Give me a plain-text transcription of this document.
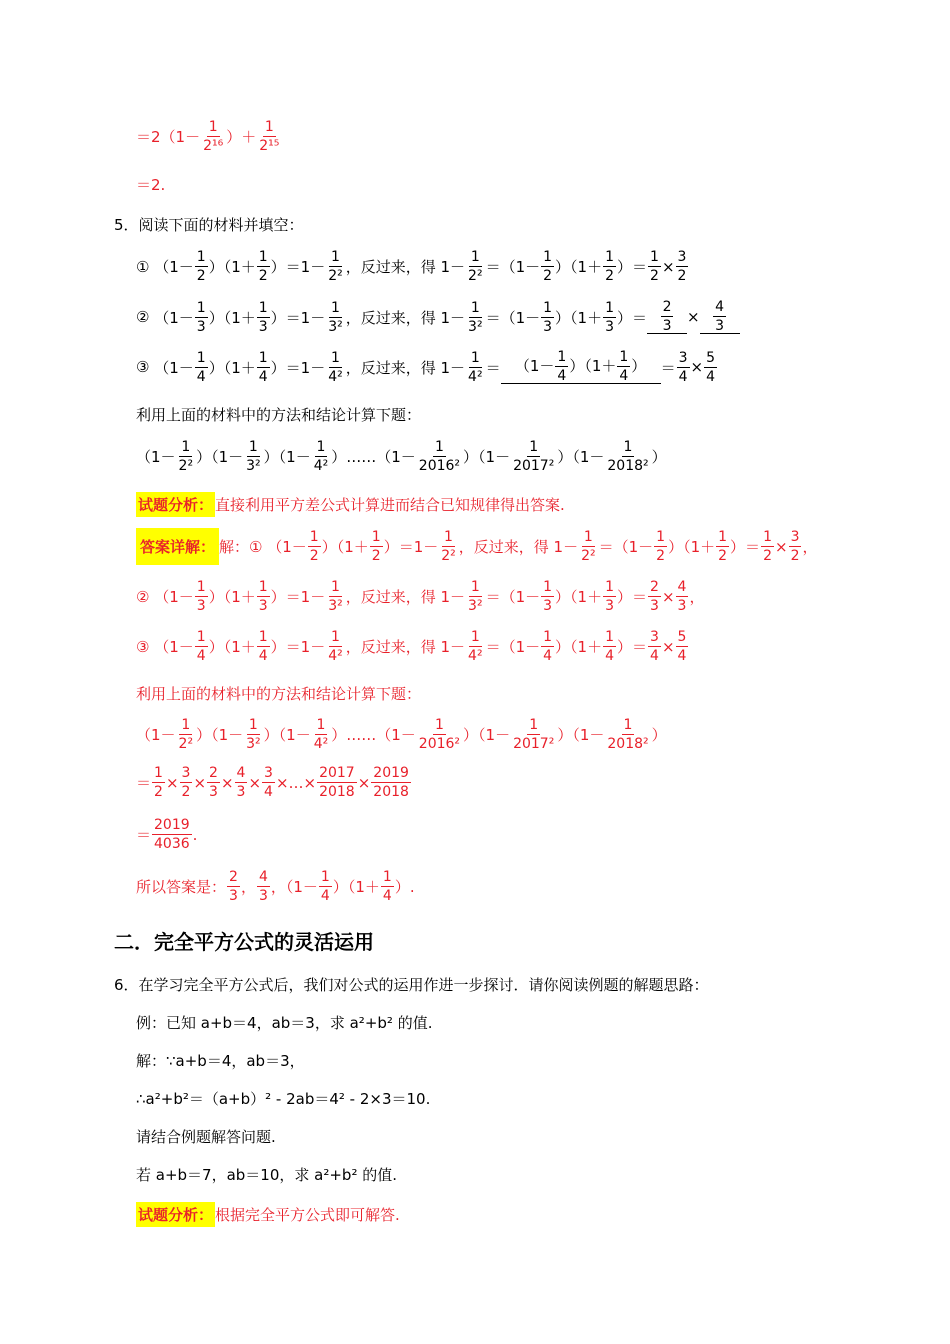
$=2(1- \frac{1}{\text{2¹⁶}}$ ）＋ $\frac{1}{\text{2¹⁵}}$
＝2.
5．阅读下面的材料并填空：
① $(1- \frac{1}{2} )(1+ \frac{1}{2} )=1- \frac{1}{\text{2²}}$ ，反过来，得 $1- \frac{1}{\text{2²}} =(1- \frac{1}{2} )(1+ \frac{1}{2}$ ）＝ $\frac{1}{2} \times \frac{3}{2}$
② $(1- \frac{1}{3} )(1+ \frac{1}{3} )=1- \frac{1}{\text{3²}}$ ，反过来，得 $1- \frac{1}{\text{3²}} =(1- \frac{1}{3} )(1+ \frac{1}{3}$ ）＝ $\frac{2}{3} \times \frac{4}{3}$
③ $(1- \frac{1}{4} )(1+ \frac{1}{4} )=1- \frac{1}{\text{4²}}$ ，反过来，得 $1- \frac{1}{\text{4²}} = (1- \frac{1}{4} )(1+ \frac{1}{4}$ ） ＝ $\frac{3}{4} \times \frac{5}{4}$
利用上面的材料中的方法和结论计算下题：
$(1- \frac{1}{\text{2²}} )(1- \frac{1}{\text{3²}} )(1- \frac{1}{\text{4²}}$ ）……（1－ $\frac{1}{\text{2016²}} )(1- \frac{1}{\text{2017²}} )(1- \frac{1}{\text{2018²}}$ ）
试题分析： 直接利用平方差公式计算进而结合已知规律得出答案.
答案详解： 解： ① $(1- \frac{1}{2} )(1+ \frac{1}{2} )=1- \frac{1}{\text{2²}}$ ，反过来，得 $1- \frac{1}{\text{2²}} =(1- \frac{1}{2} )(1+ \frac{1}{2}$ ）＝ $\frac{1}{2} \times \frac{3}{2}$ ，
② $(1- \frac{1}{3} )(1+ \frac{1}{3} )=1- \frac{1}{\text{3²}}$ ，反过来，得 $1- \frac{1}{\text{3²}} =(1- \frac{1}{3} )(1+ \frac{1}{3}$ ）＝ $\frac{2}{3} \times \frac{4}{3}$ ，
③ $(1- \frac{1}{4} )(1+ \frac{1}{4} )=1- \frac{1}{\text{4²}}$ ，反过来，得 $1- \frac{1}{\text{4²}} =(1- \frac{1}{4} )(1+ \frac{1}{4}$ ）＝ $\frac{3}{4} \times \frac{5}{4}$
利用上面的材料中的方法和结论计算下题：
$(1- \frac{1}{\text{2²}} )(1- \frac{1}{\text{3²}} )(1- \frac{1}{\text{4²}}$ ）……（1－ $\frac{1}{\text{2016²}} )(1- \frac{1}{\text{2017²}} )(1- \frac{1}{\text{2018²}}$ ）
＝ $\frac{1}{2} \times \frac{3}{2} \times \frac{2}{3} \times \frac{4}{3} \times \frac{3}{4}$ ×…× $\frac{2017}{2018} \times \frac{2019}{2018}$
＝ $\frac{2019}{4036}$ .
所以答案是： $\frac{2}{3}$ ， $\frac{4}{3}$ ，$(1- \frac{1}{4} )(1+ \frac{1}{4}$ ）.
二．完全平方公式的灵活运用
6．在学习完全平方公式后，我们对公式的运用作进一步探讨．请你阅读例题的解题思路：
例：已知 a+b＝4，ab＝3，求 a²+b² 的值.
解：∵a+b＝4，ab＝3，
∴a²+b²＝（a+b）² - 2ab＝4² - 2×3＝10.
请结合例题解答问题.
若 a+b＝7，ab＝10，求 a²+b² 的值.
试题分析： 根据完全平方公式即可解答.
